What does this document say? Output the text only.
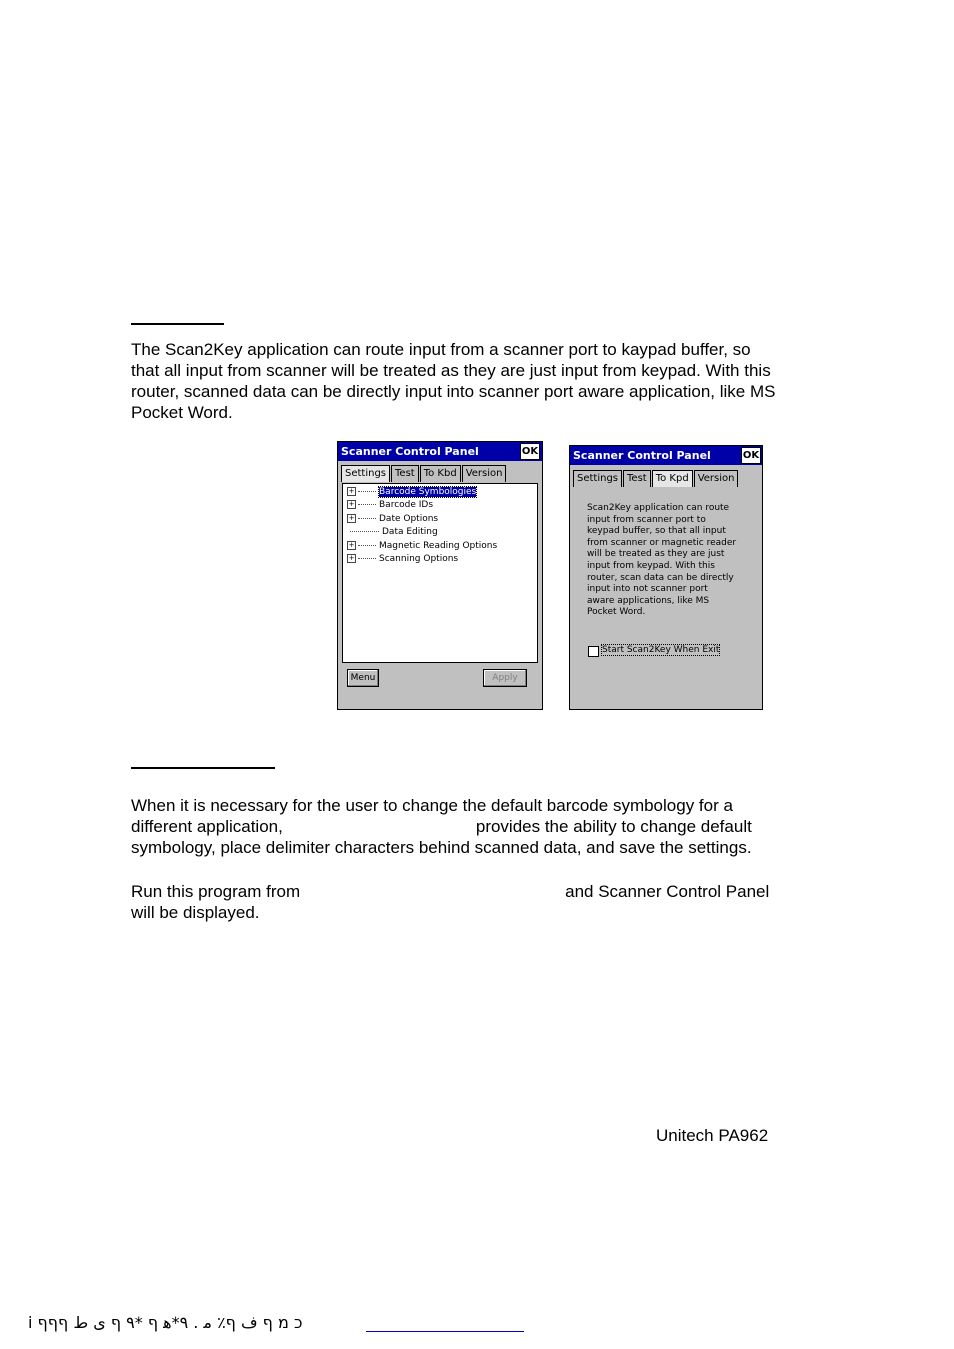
The Scan2Key application can route input from a scanner port to kaypad buffer, so that all input from scanner will be treated as they are just input from keypad. With this router, scanned data can be directly input into scanner port aware application, like MS Pocket Word.

Scanner Control Panel	OK
Settings Test To Kbd Version
+	Barcode Symbologies
+	Barcode IDs
+	Date Options
Data Editing
+	Magnetic Reading Options
+	Scanning Options
Menu	Apply
Scanner Control Panel	OK
Settings Test To Kpd Version
Scan2Key application can route
input from scanner port to
keypad buffer, so that all input
from scanner or magnetic reader
will be treated as they are just
input from keypad. With this
router, scan data can be directly
input into not scanner port
aware applications, like MS
Pocket Word.
Start Scan2Key When Exit

When it is necessary for the user to change the default barcode symbology for a different application,	provides the ability to change default symbology, place delimiter characters behind scanned data, and save the settings.

Run this program from	and Scanner Control Panel will be displayed.

Unitech PA962
i כ מ ף ﻑ ף٪ ﻣ . ٩*ﻫ ף *٩ ף ی ﻁ ףףף
